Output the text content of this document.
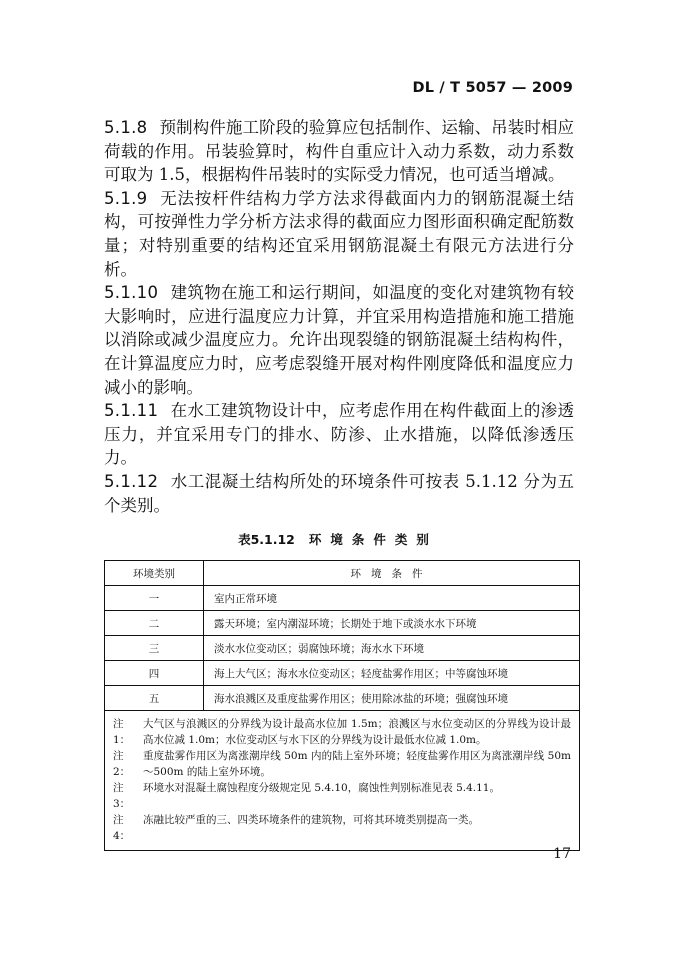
DL / T 5057 — 2009

5.1.8 预制构件施工阶段的验算应包括制作、运输、吊装时相应荷载的作用。吊装验算时，构件自重应计入动力系数，动力系数可取为 1.5，根据构件吊装时的实际受力情况，也可适当增减。

5.1.9 无法按杆件结构力学方法求得截面内力的钢筋混凝土结构，可按弹性力学分析方法求得的截面应力图形面积确定配筋数量；对特别重要的结构还宜采用钢筋混凝土有限元方法进行分析。

5.1.10 建筑物在施工和运行期间，如温度的变化对建筑物有较大影响时，应进行温度应力计算，并宜采用构造措施和施工措施以消除或减少温度应力。允许出现裂缝的钢筋混凝土结构构件，在计算温度应力时，应考虑裂缝开展对构件刚度降低和温度应力减小的影响。

5.1.11 在水工建筑物设计中，应考虑作用在构件截面上的渗透压力，并宜采用专门的排水、防渗、止水措施，以降低渗透压力。

5.1.12 水工混凝土结构所处的环境条件可按表 5.1.12 分为五个类别。

表5.1.12 环境条件类别
环境类别	环境条件
一	室内正常环境
二	露天环境；室内潮湿环境；长期处于地下或淡水水下环境
三	淡水水位变动区；弱腐蚀环境；海水水下环境
四	海上大气区；海水水位变动区；轻度盐雾作用区；中等腐蚀环境
五	海水浪溅区及重度盐雾作用区；使用除冰盐的环境；强腐蚀环境
注 1：
大气区与浪溅区的分界线为设计最高水位加 1.5m；浪溅区与水位变动区的分界线为设计最高水位减 1.0m；水位变动区与水下区的分界线为设计最低水位减 1.0m。
注 2：
重度盐雾作用区为离涨潮岸线 50m 内的陆上室外环境；轻度盐雾作用区为离涨潮岸线 50m～500m 的陆上室外环境。
注 3：
环境水对混凝土腐蚀程度分级规定见 5.4.10，腐蚀性判别标准见表 5.4.11。
注 4：
冻融比较严重的三、四类环境条件的建筑物，可将其环境类别提高一类。
17
